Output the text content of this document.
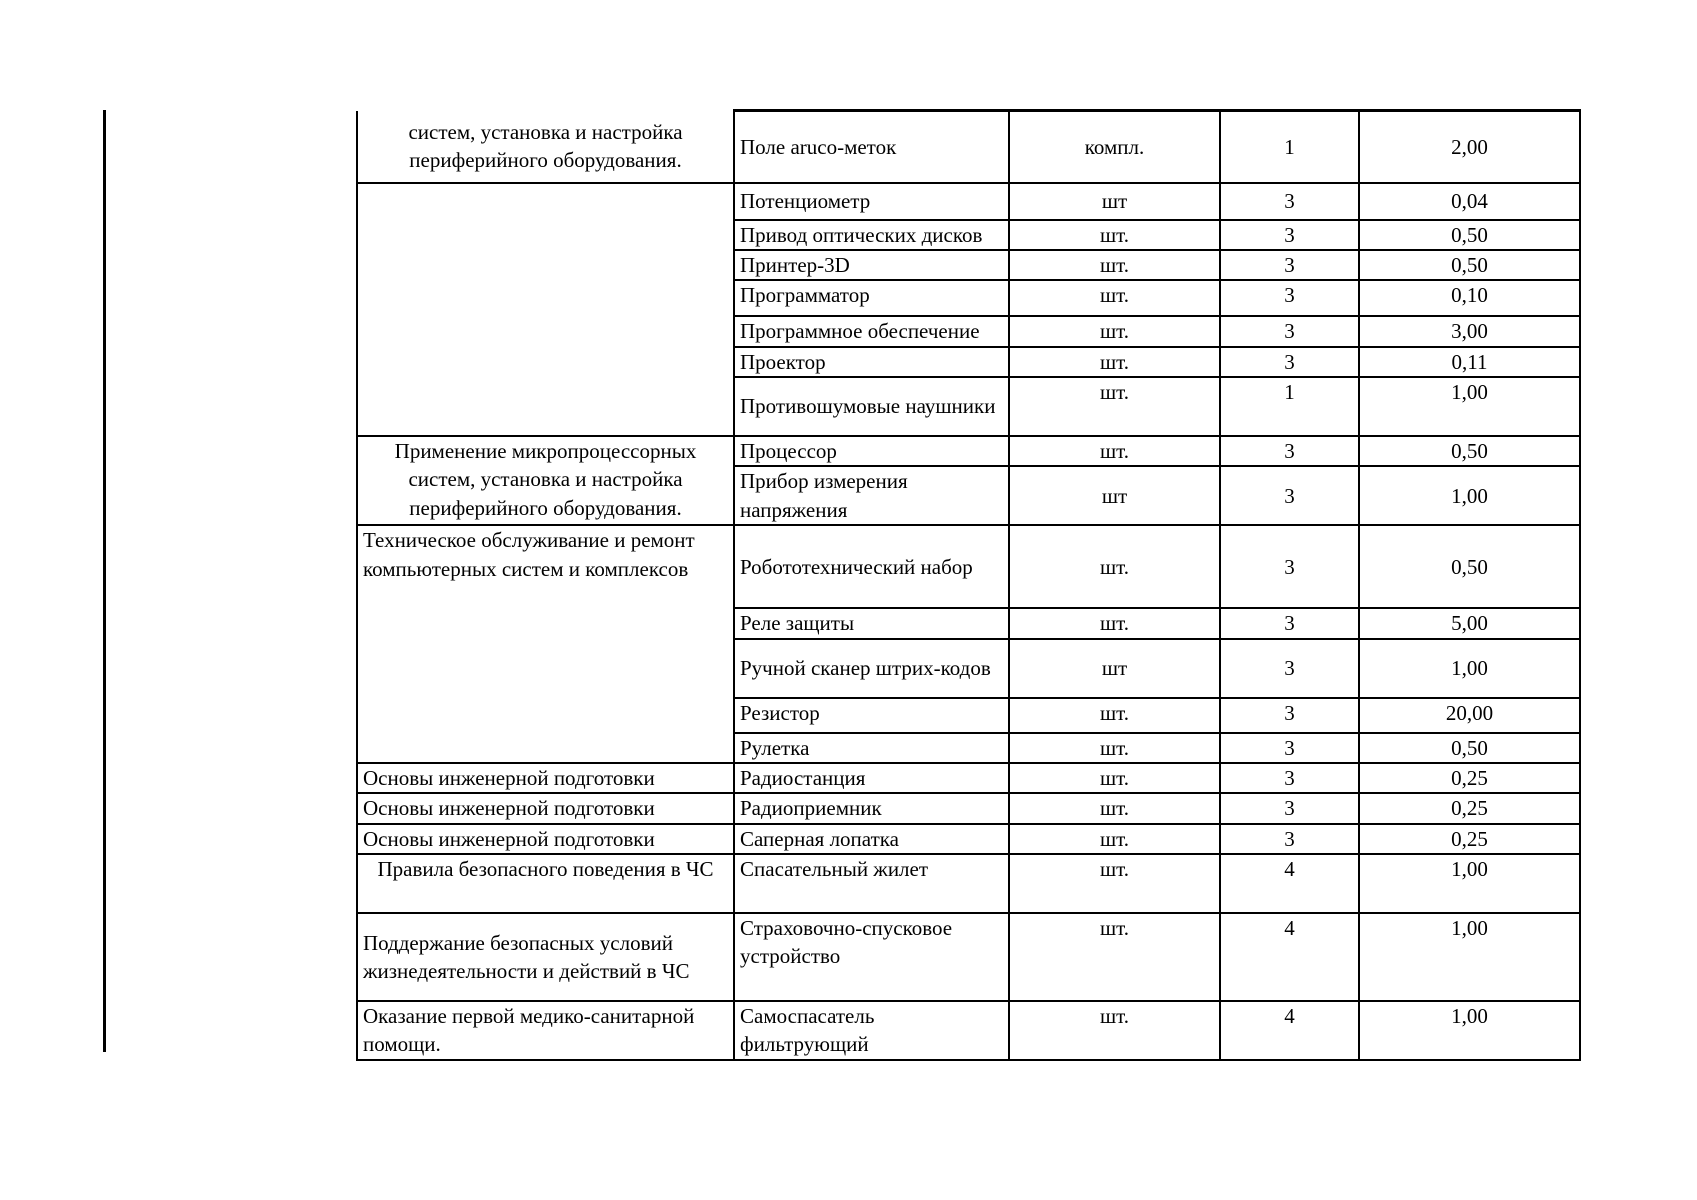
систем, установка и настройка периферийного оборудования.	Поле aruco-меток	компл.	1	2,00
	Потенциометр	шт	3	0,04
	Привод оптических дисков	шт.	3	0,50
	Принтер-3D	шт.	3	0,50
	Программатор	шт.	3	0,10
	Программное обеспечение	шт.	3	3,00
	Проектор	шт.	3	0,11
	Противошумовые наушники	шт.	1	1,00
Применение микропроцессорных систем, установка и настройка периферийного оборудования.	Процессор	шт.	3	0,50
	Прибор измерения напряжения	шт	3	1,00
Техническое обслуживание и ремонт компьютерных систем и комплексов	Робототехнический набор	шт.	3	0,50
	Реле защиты	шт.	3	5,00
	Ручной сканер штрих-кодов	шт	3	1,00
	Резистор	шт.	3	20,00
	Рулетка	шт.	3	0,50
Основы инженерной подготовки	Радиостанция	шт.	3	0,25
Основы инженерной подготовки	Радиоприемник	шт.	3	0,25
Основы инженерной подготовки	Саперная лопатка	шт.	3	0,25
Правила безопасного поведения в ЧС	Спасательный жилет	шт.	4	1,00
Поддержание безопасных условий жизнедеятельности и действий в ЧС	Страховочно-спусковое устройство	шт.	4	1,00
Оказание первой медико-санитарной помощи.	Самоспасатель фильтрующий	шт.	4	1,00
